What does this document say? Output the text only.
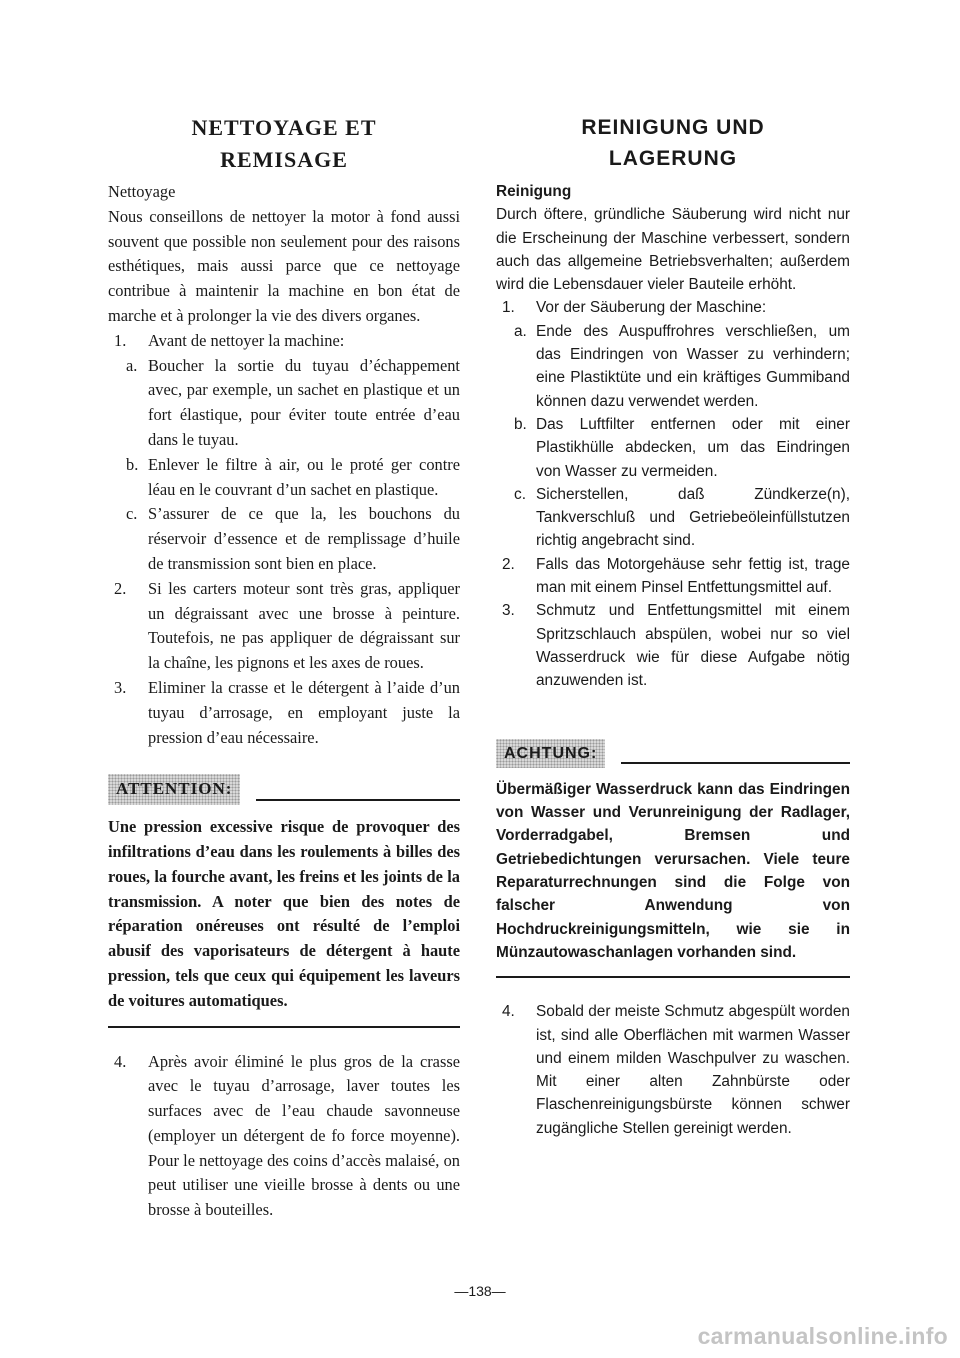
NETTOYAGE ET
REMISAGE
Nettoyage

Nous conseillons de nettoyer la motor à fond aussi souvent que possible non seulement pour des raisons esthétiques, mais aussi parce que ce nettoyage contribue à maintenir la machine en bon état de marche et à prolonger la vie des divers organes.

1. Avant de nettoyer la machine:
a. Boucher la sortie du tuyau d’échappement avec, par exemple, un sachet en plastique et un fort élastique, pour éviter toute entrée d’eau dans le tuyau.
b. Enlever le filtre à air, ou le proté ger contre léau en le couvrant d’un sachet en plastique.
c. S’assurer de ce que la, les bouchons du réservoir d’essence et de remplissage d’huile de transmission sont bien en place.
2. Si les carters moteur sont très gras, appliquer un dégraissant avec une brosse à peinture. Toutefois, ne pas appliquer de dégraissant sur la chaîne, les pignons et les axes de roues.
3. Eliminer la crasse et le détergent à l’aide d’un tuyau d’arrosage, en employant juste la pression d’eau nécessaire.
ATTENTION:
Une pression excessive risque de provoquer des infiltrations d’eau dans les roulements à billes des roues, la fourche avant, les freins et les joints de la transmission. A noter que bien des notes de réparation onéreuses ont résulté de l’emploi abusif des vaporisateurs de détergent à haute pression, tels que ceux qui équipement les laveurs de voitures automatiques.
4. Après avoir éliminé le plus gros de la crasse avec le tuyau d’arrosage, laver toutes les surfaces avec de l’eau chaude savonneuse (employer un détergent de fo force moyenne). Pour le nettoyage des coins d’accès malaisé, on peut utiliser une vieille brosse à dents ou une brosse à bouteilles.
REINIGUNG UND
LAGERUNG
Reinigung

Durch öftere, gründliche Säuberung wird nicht nur die Erscheinung der Maschine verbessert, sondern auch das allgemeine Betriebsverhalten; außerdem wird die Lebensdauer vieler Bauteile erhöht.

1. Vor der Säuberung der Maschine:
a. Ende des Auspuffrohres verschließen, um das Eindringen von Wasser zu verhindern; eine Plastiktüte und ein kräftiges Gummiband können dazu verwendet werden.
b. Das Luftfilter entfernen oder mit einer Plastikhülle abdecken, um das Eindringen von Wasser zu vermeiden.
c. Sicherstellen, daß Zündkerze(n), Tankverschluß und Getriebeöleinfüllstutzen richtig angebracht sind.
2. Falls das Motorgehäuse sehr fettig ist, trage man mit einem Pinsel Entfettungsmittel auf.
3. Schmutz und Entfettungsmittel mit einem Spritzschlauch abspülen, wobei nur so viel Wasserdruck wie für diese Aufgabe nötig anzuwenden ist.
ACHTUNG:
Übermäßiger Wasserdruck kann das Eindringen von Wasser und Verunreinigung der Radlager, Vorderradgabel, Bremsen und Getriebedichtungen verursachen. Viele teure Reparaturrechnungen sind die Folge von falscher Anwendung von Hochdruckreinigungsmitteln, wie sie in Münzautowaschanlagen vorhanden sind.
4. Sobald der meiste Schmutz abgespült worden ist, sind alle Oberflächen mit warmen Wasser und einem milden Waschpulver zu waschen. Mit einer alten Zahnbürste oder Flaschenreinigungsbürste können schwer zugängliche Stellen gereinigt werden.
—138—
carmanualsonline.info
